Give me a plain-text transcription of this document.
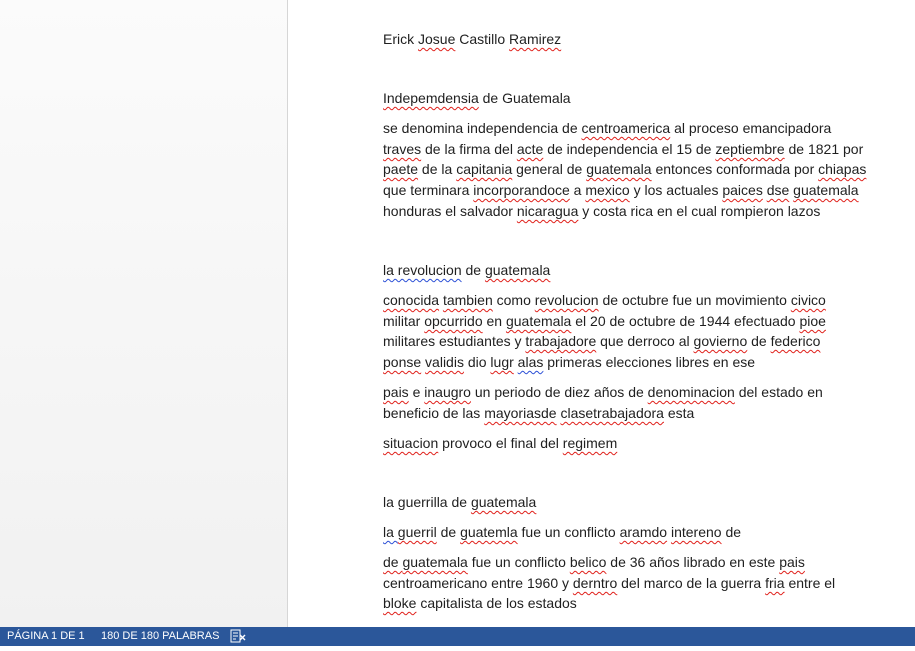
Erick Josue Castillo Ramirez
Indepemdensia de Guatemala
se denomina independencia de centroamerica al proceso emancipadora
traves de la firma del acte de independencia el 15 de zeptiembre de 1821 por
paete de la capitania general de guatemala entonces conformada por chiapas
que terminara incorporandoce a mexico y los actuales paices dse guatemala
honduras el salvador nicaragua y costa rica en el cual rompieron lazos
la revolucion de guatemala
conocida tambien como revolucion de octubre fue un movimiento civico
militar opcurrido en guatemala el 20 de octubre de 1944 efectuado pioe
militares estudiantes y trabajadore que derroco al govierno de federico
ponse validis dio lugr alas primeras elecciones libres en ese
pais e inaugro un periodo de diez años de denominacion del estado en
beneficio de las mayoriasde clasetrabajadora esta
situacion provoco el final del regimem
la guerrilla de guatemala
la guerril de guatemla fue un conflicto aramdo intereno de
de guatemala fue un conflicto belico de 36 años librado en este pais
centroamericano entre 1960 y derntro del marco de la guerra fria entre el
bloke capitalista de los estados
PÁGINA 1 DE 1 180 DE 180 PALABRAS
